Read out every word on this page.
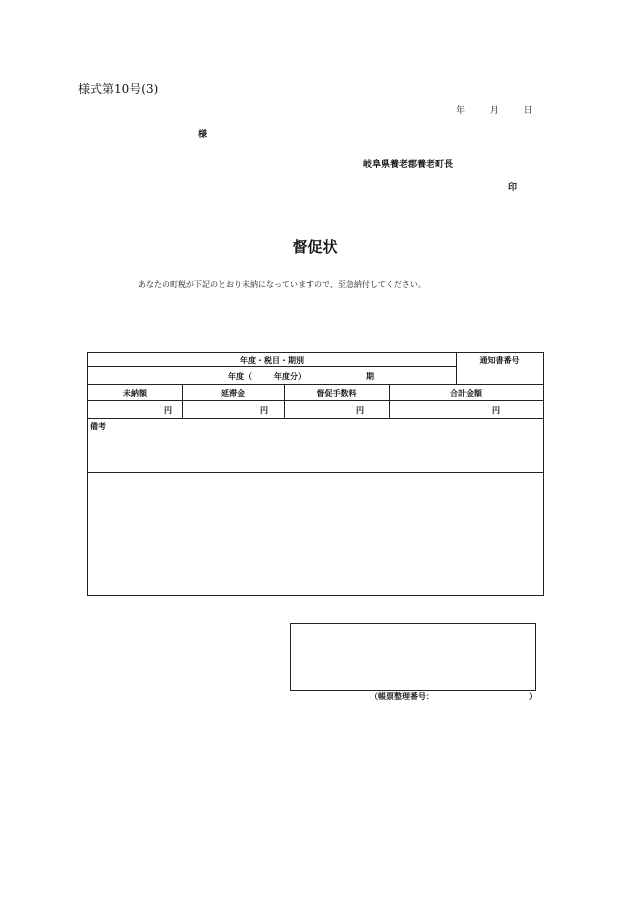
様式第10号(3)
年	月	日
様
岐阜県養老郡養老町長
印
督促状
あなたの町税が下記のとおり未納になっていますので、至急納付してください。
年度・税目・期別	通知書番号
年度（	年度分）	期
未納額	延滞金	督促手数料	合計金額
円	円	円	円
備考
（帳票整理番号：	）
